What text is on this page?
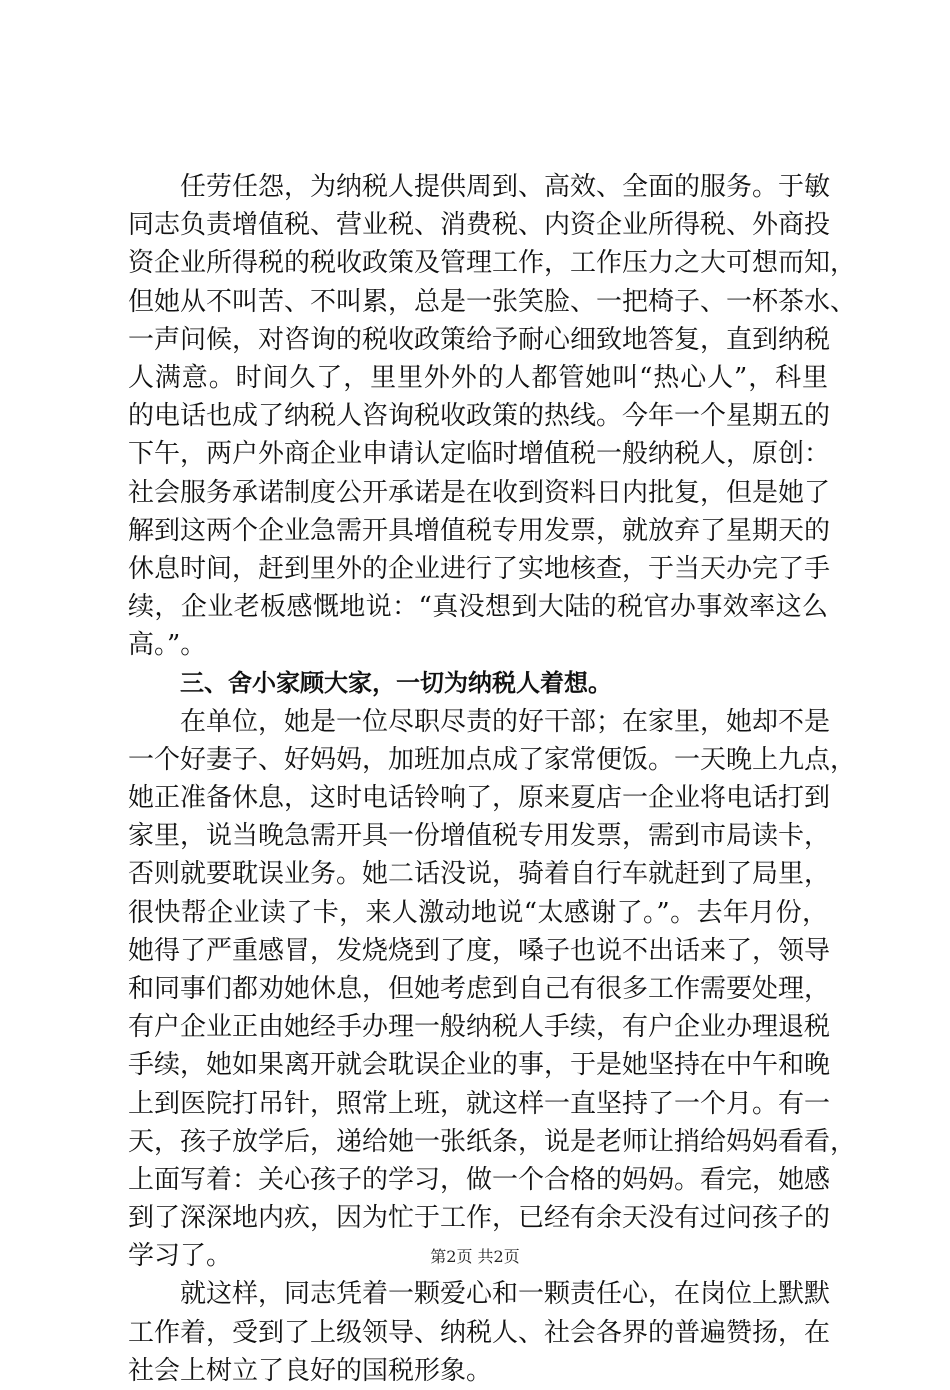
任劳任怨，为纳税人提供周到、高效、全面的服务。于敏
同志负责增值税、营业税、消费税、内资企业所得税、外商投
资企业所得税的税收政策及管理工作，工作压力之大可想而知，
但她从不叫苦、不叫累，总是一张笑脸、一把椅子、一杯茶水、
一声问候，对咨询的税收政策给予耐心细致地答复，直到纳税
人满意。时间久了，里里外外的人都管她叫“热心人”，科里
的电话也成了纳税人咨询税收政策的热线。今年一个星期五的
下午，两户外商企业申请认定临时增值税一般纳税人，原创：
社会服务承诺制度公开承诺是在收到资料日内批复，但是她了
解到这两个企业急需开具增值税专用发票，就放弃了星期天的
休息时间，赶到里外的企业进行了实地核查，于当天办完了手
续，企业老板感慨地说：“真没想到大陆的税官办事效率这么
高。”。
三、舍小家顾大家，一切为纳税人着想。
在单位，她是一位尽职尽责的好干部；在家里，她却不是
一个好妻子、好妈妈，加班加点成了家常便饭。一天晚上九点，
她正准备休息，这时电话铃响了，原来夏店一企业将电话打到
家里，说当晚急需开具一份增值税专用发票，需到市局读卡，
否则就要耽误业务。她二话没说，骑着自行车就赶到了局里，
很快帮企业读了卡，来人激动地说“太感谢了。”。去年月份，
她得了严重感冒，发烧烧到了度，嗓子也说不出话来了，领导
和同事们都劝她休息，但她考虑到自己有很多工作需要处理，
有户企业正由她经手办理一般纳税人手续，有户企业办理退税
手续，她如果离开就会耽误企业的事，于是她坚持在中午和晚
上到医院打吊针，照常上班，就这样一直坚持了一个月。有一
天，孩子放学后，递给她一张纸条，说是老师让捎给妈妈看看，
上面写着：关心孩子的学习，做一个合格的妈妈。看完，她感
到了深深地内疚，因为忙于工作，已经有余天没有过问孩子的
学习了。
就这样，同志凭着一颗爱心和一颗责任心，在岗位上默默
工作着，受到了上级领导、纳税人、社会各界的普遍赞扬，在
社会上树立了良好的国税形象。
第2页 共2页
